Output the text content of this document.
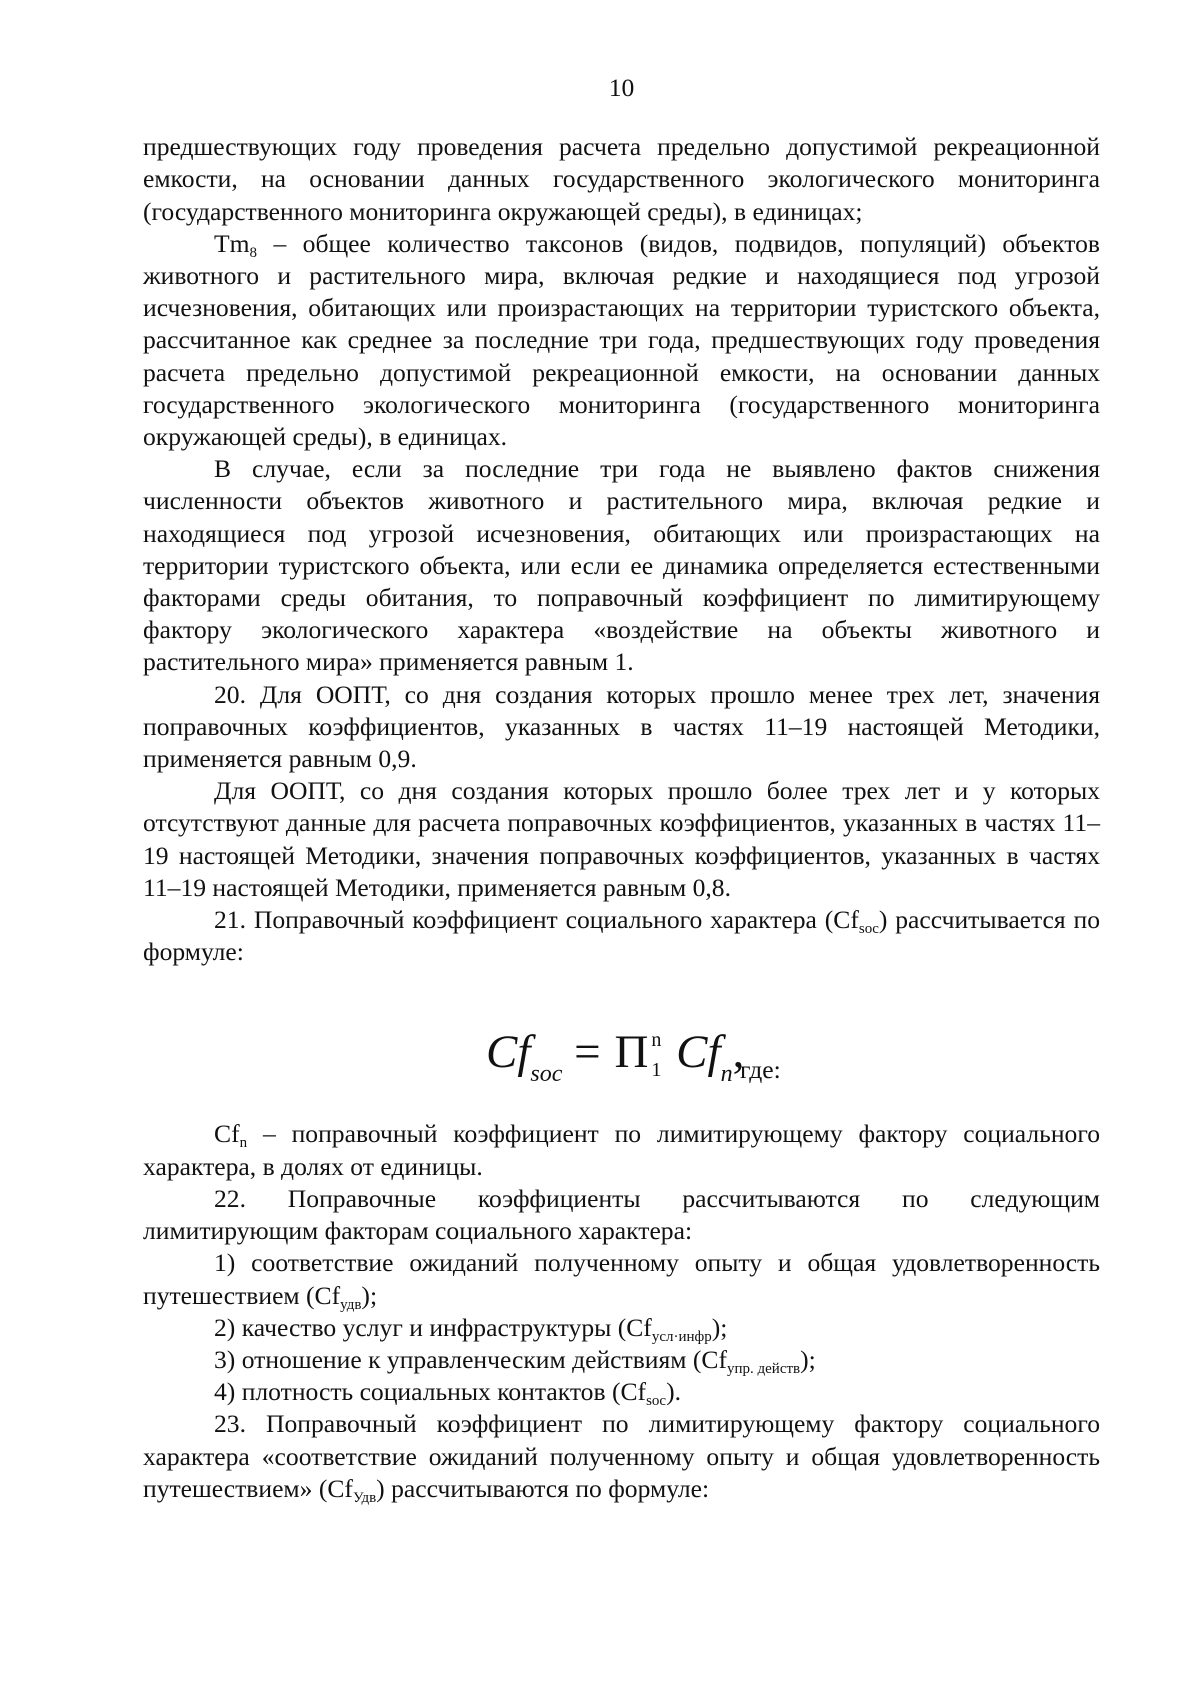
10

предшествующих году проведения расчета предельно допустимой рекреационной емкости, на основании данных государственного экологического мониторинга (государственного мониторинга окружающей среды), в единицах;

$Tm_8$ – общее количество таксонов (видов, подвидов, популяций) объектов животного и растительного мира, включая редкие и находящиеся под угрозой исчезновения, обитающих или произрастающих на территории туристского объекта, рассчитанное как среднее за последние три года, предшествующих году проведения расчета предельно допустимой рекреационной емкости, на основании данных государственного экологического мониторинга (государственного мониторинга окружающей среды), в единицах.

В случае, если за последние три года не выявлено фактов снижения численности объектов животного и растительного мира, включая редкие и находящиеся под угрозой исчезновения, обитающих или произрастающих на территории туристского объекта, или если ее динамика определяется естественными факторами среды обитания, то поправочный коэффициент по лимитирующему фактору экологического характера «воздействие на объекты животного и растительного мира» применяется равным 1.

20. Для ООПТ, со дня создания которых прошло менее трех лет, значения поправочных коэффициентов, указанных в частях 11–19 настоящей Методики, применяется равным 0,9.

Для ООПТ, со дня создания которых прошло более трех лет и у которых отсутствуют данные для расчета поправочных коэффициентов, указанных в частях 11–19 настоящей Методики, значения поправочных коэффициентов, указанных в частях 11–19 настоящей Методики, применяется равным 0,8.

21. Поправочный коэффициент социального характера $(Cf_{soc})$ рассчитывается по формуле:

$Cf_{soc} = \Pi$ n
1 $Cf_n$,
где:

$Cf_n$ – поправочный коэффициент по лимитирующему фактору социального характера, в долях от единицы.

22. Поправочные коэффициенты рассчитываются по следующим лимитирующим факторам социального характера:

1) соответствие ожиданий полученному опыту и общая удовлетворенность путешествием $(Cf_{удв})$;

2) качество услуг и инфраструктуры $(Cf_{усл\cdot инфр})$;

3) отношение к управленческим действиям $(Cf_{упр. действ})$;

4) плотность социальных контактов $(Cf_{soc})$.

23. Поправочный коэффициент по лимитирующему фактору социального характера «соответствие ожиданий полученному опыту и общая удовлетворенность путешествием» $(Cf_{Удв})$ рассчитываются по формуле:
